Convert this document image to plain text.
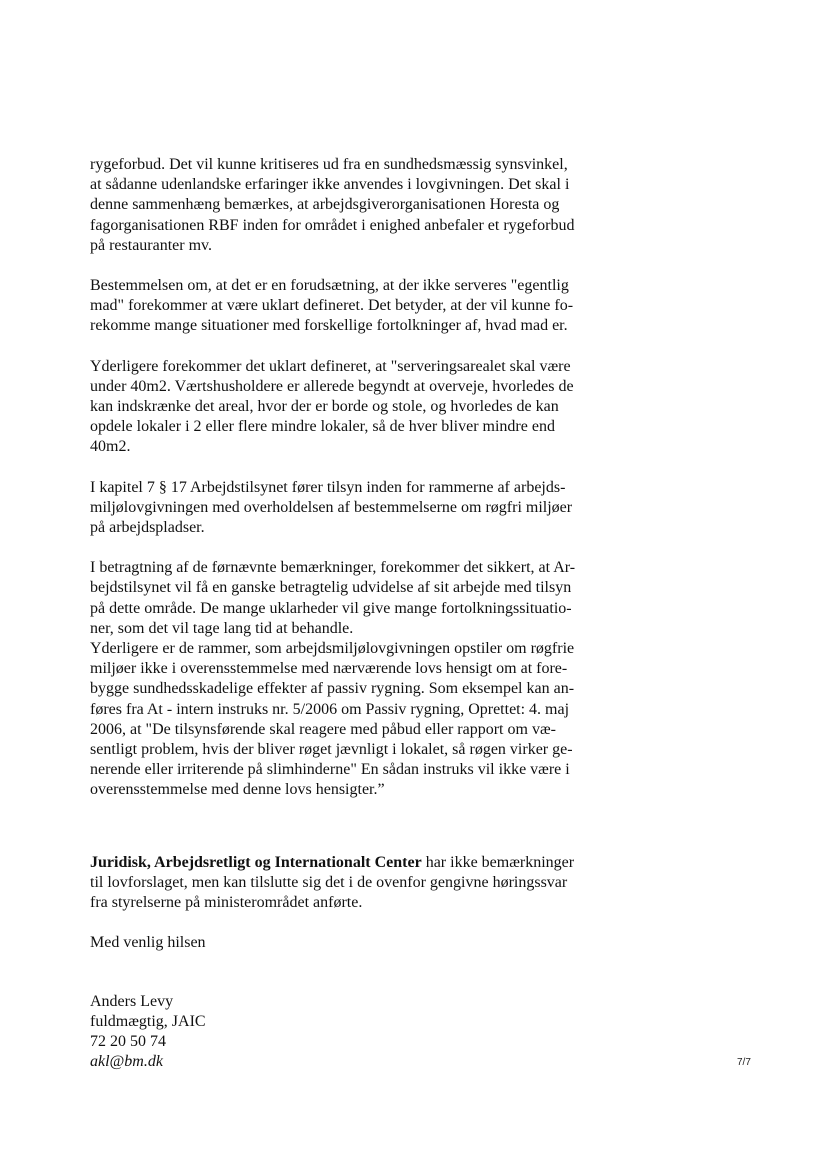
rygeforbud. Det vil kunne kritiseres ud fra en sundhedsmæssig synsvinkel,
at sådanne udenlandske erfaringer ikke anvendes i lovgivningen. Det skal i
denne sammenhæng bemærkes, at arbejdsgiverorganisationen Horesta og
fagorganisationen RBF inden for området i enighed anbefaler et rygeforbud
på restauranter mv.
Bestemmelsen om, at det er en forudsætning, at der ikke serveres "egentlig
mad" forekommer at være uklart defineret. Det betyder, at der vil kunne fo-
rekomme mange situationer med forskellige fortolkninger af, hvad mad er.
Yderligere forekommer det uklart defineret, at "serveringsarealet skal være
under 40m2. Værtshusholdere er allerede begyndt at overveje, hvorledes de
kan indskrænke det areal, hvor der er borde og stole, og hvorledes de kan
opdele lokaler i 2 eller flere mindre lokaler, så de hver bliver mindre end
40m2.
I kapitel 7 § 17 Arbejdstilsynet fører tilsyn inden for rammerne af arbejds-
miljølovgivningen med overholdelsen af bestemmelserne om røgfri miljøer
på arbejdspladser.
I betragtning af de førnævnte bemærkninger, forekommer det sikkert, at Ar-
bejdstilsynet vil få en ganske betragtelig udvidelse af sit arbejde med tilsyn
på dette område. De mange uklarheder vil give mange fortolkningssituatio-
ner, som det vil tage lang tid at behandle.
Yderligere er de rammer, som arbejdsmiljølovgivningen opstiler om røgfrie
miljøer ikke i overensstemmelse med nærværende lovs hensigt om at fore-
bygge sundhedsskadelige effekter af passiv rygning. Som eksempel kan an-
føres fra At - intern instruks nr. 5/2006 om Passiv rygning, Oprettet: 4. maj
2006, at "De tilsynsførende skal reagere med påbud eller rapport om væ-
sentligt problem, hvis der bliver røget jævnligt i lokalet, så røgen virker ge-
nerende eller irriterende på slimhinderne" En sådan instruks vil ikke være i
overensstemmelse med denne lovs hensigter.”
Juridisk, Arbejdsretligt og Internationalt Center har ikke bemærkninger
til lovforslaget, men kan tilslutte sig det i de ovenfor gengivne høringssvar
fra styrelserne på ministerområdet anførte.
Med venlig hilsen
Anders Levy
fuldmægtig, JAIC
72 20 50 74
akl@bm.dk	7/7
